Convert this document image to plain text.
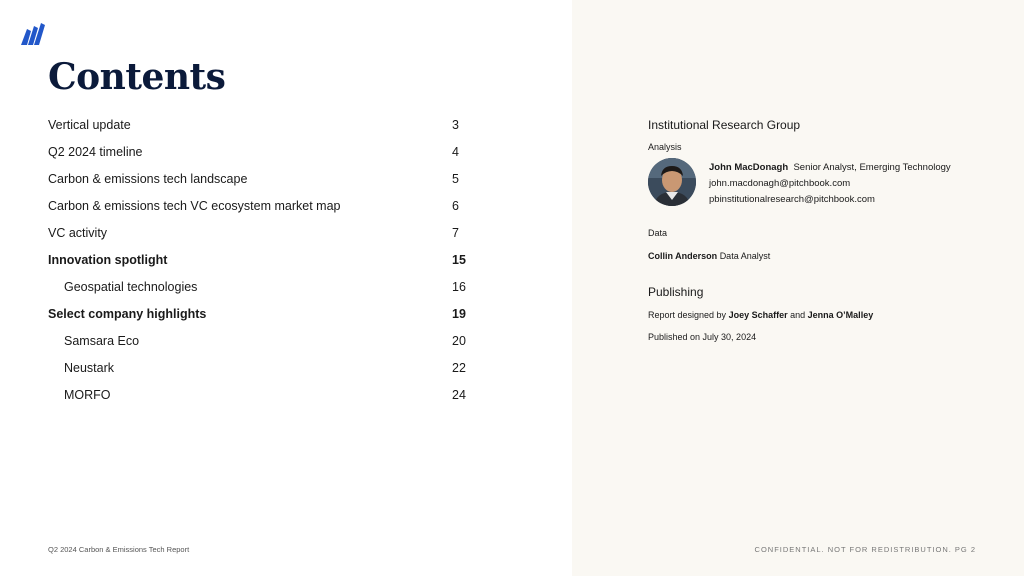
Contents
Vertical update	3
Q2 2024 timeline	4
Carbon & emissions tech landscape	5
Carbon & emissions tech VC ecosystem market map	6
VC activity	7
Innovation spotlight	15
Geospatial technologies	16
Select company highlights	19
Samsara Eco	20
Neustark	22
MORFO	24
Q2 2024 Carbon & Emissions Tech Report
Institutional Research Group
Analysis
John MacDonagh Senior Analyst, Emerging Technology
john.macdonagh@pitchbook.com
pbinstitutionalresearch@pitchbook.com
Data
Collin Anderson Data Analyst
Publishing
Report designed by Joey Schaffer and Jenna O’Malley
Published on July 30, 2024
CONFIDENTIAL. NOT FOR REDISTRIBUTION. PG 2
